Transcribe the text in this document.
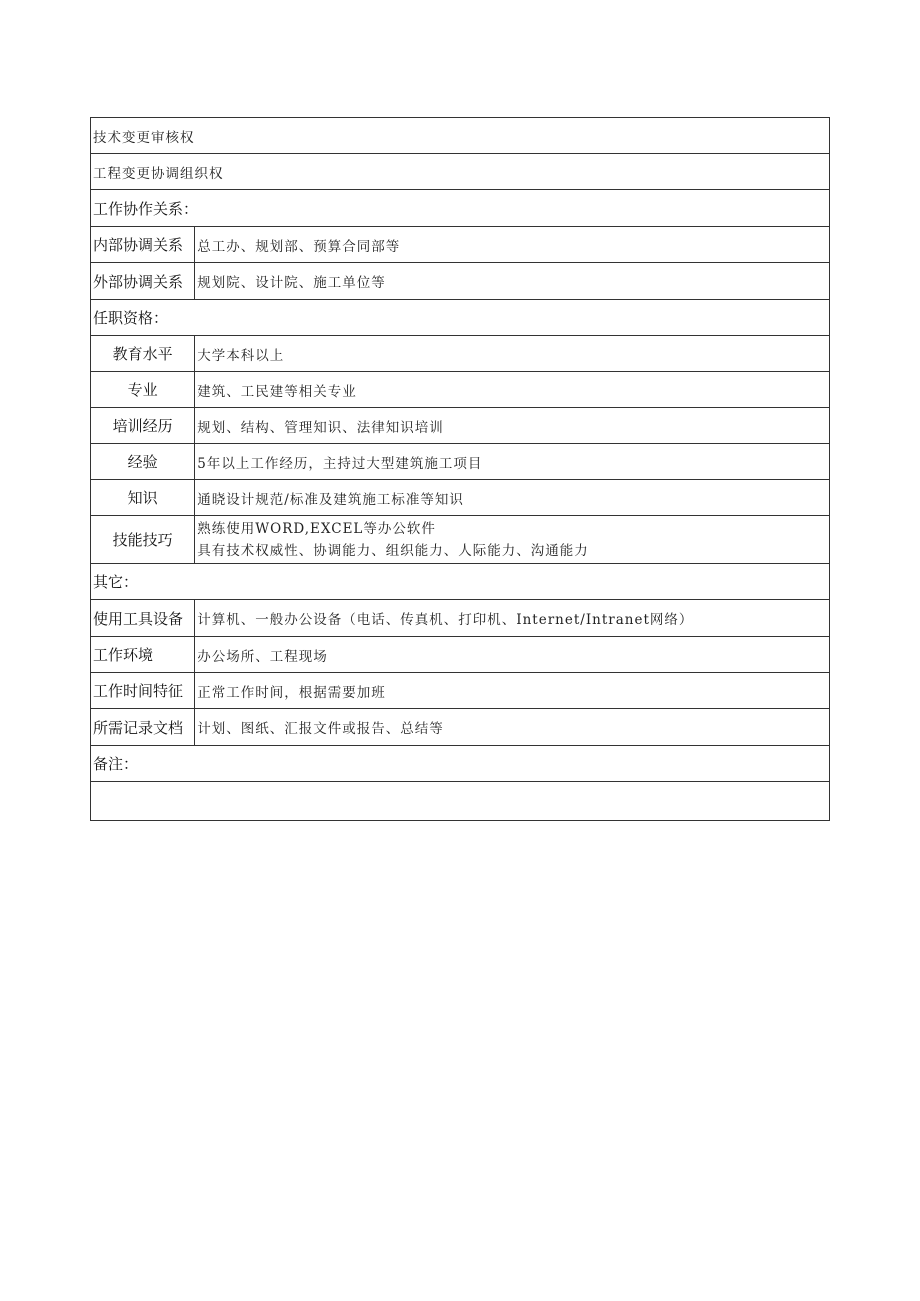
技术变更审核权	
工程变更协调组织权	
工作协作关系：	
内部协调关系	总工办、规划部、预算合同部等
外部协调关系	规划院、设计院、施工单位等
任职资格：	
教育水平	大学本科以上
专业	建筑、工民建等相关专业
培训经历	规划、结构、管理知识、法律知识培训
经验	5年以上工作经历，主持过大型建筑施工项目
知识	通晓设计规范/标准及建筑施工标准等知识
技能技巧	熟练使用WORD,EXCEL等办公软件
具有技术权威性、协调能力、组织能力、人际能力、沟通能力

其它：	
使用工具设备	计算机、一般办公设备（电话、传真机、打印机、Internet/Intranet网络）
工作环境	办公场所、工程现场
工作时间特征	正常工作时间，根据需要加班
所需记录文档	计划、图纸、汇报文件或报告、总结等
备注：	
